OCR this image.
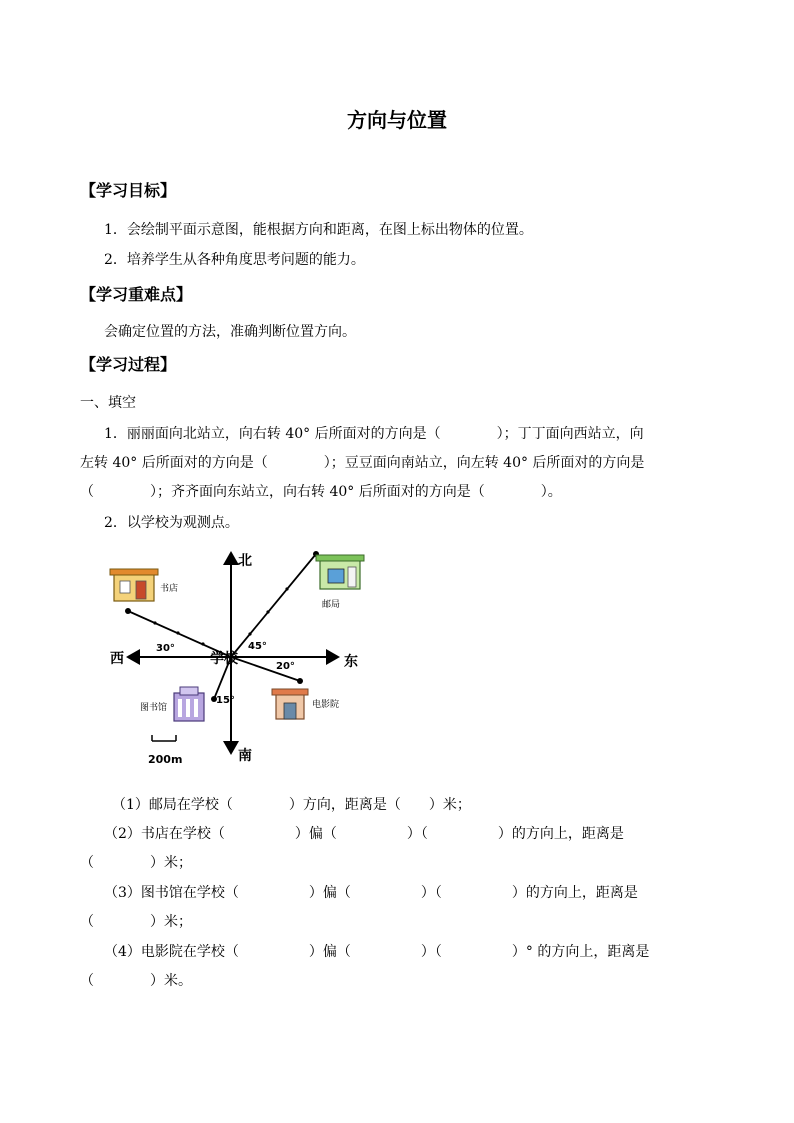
方向与位置
【学习目标】
1．会绘制平面示意图，能根据方向和距离，在图上标出物体的位置。
2．培养学生从各种角度思考问题的能力。
【学习重难点】
会确定位置的方法，准确判断位置方向。
【学习过程】
一、填空
1．丽丽面向北站立，向右转 40° 后所面对的方向是（　　　　）；丁丁面向西站立，向
左转 40° 后所面对的方向是（　　　　）；豆豆面向南站立，向左转 40° 后所面对的方向是
（　　　　）；齐齐面向东站立，向右转 40° 后所面对的方向是（　　　　）。
2．以学校为观测点。
北
南
东
西	学校
30°	45°
20°
15°
邮局
书店
图书馆	电影院
200m
（1）邮局在学校（　　　　）方向，距离是（　　）米；
（2）书店在学校（　　　　　）偏（　　　　　）（　　　　　）的方向上，距离是
（　　　　）米；
（3）图书馆在学校（　　　　　）偏（　　　　　）（　　　　　）的方向上，距离是
（　　　　）米；
（4）电影院在学校（　　　　　）偏（　　　　　）（　　　　　）° 的方向上，距离是
（　　　　）米。
